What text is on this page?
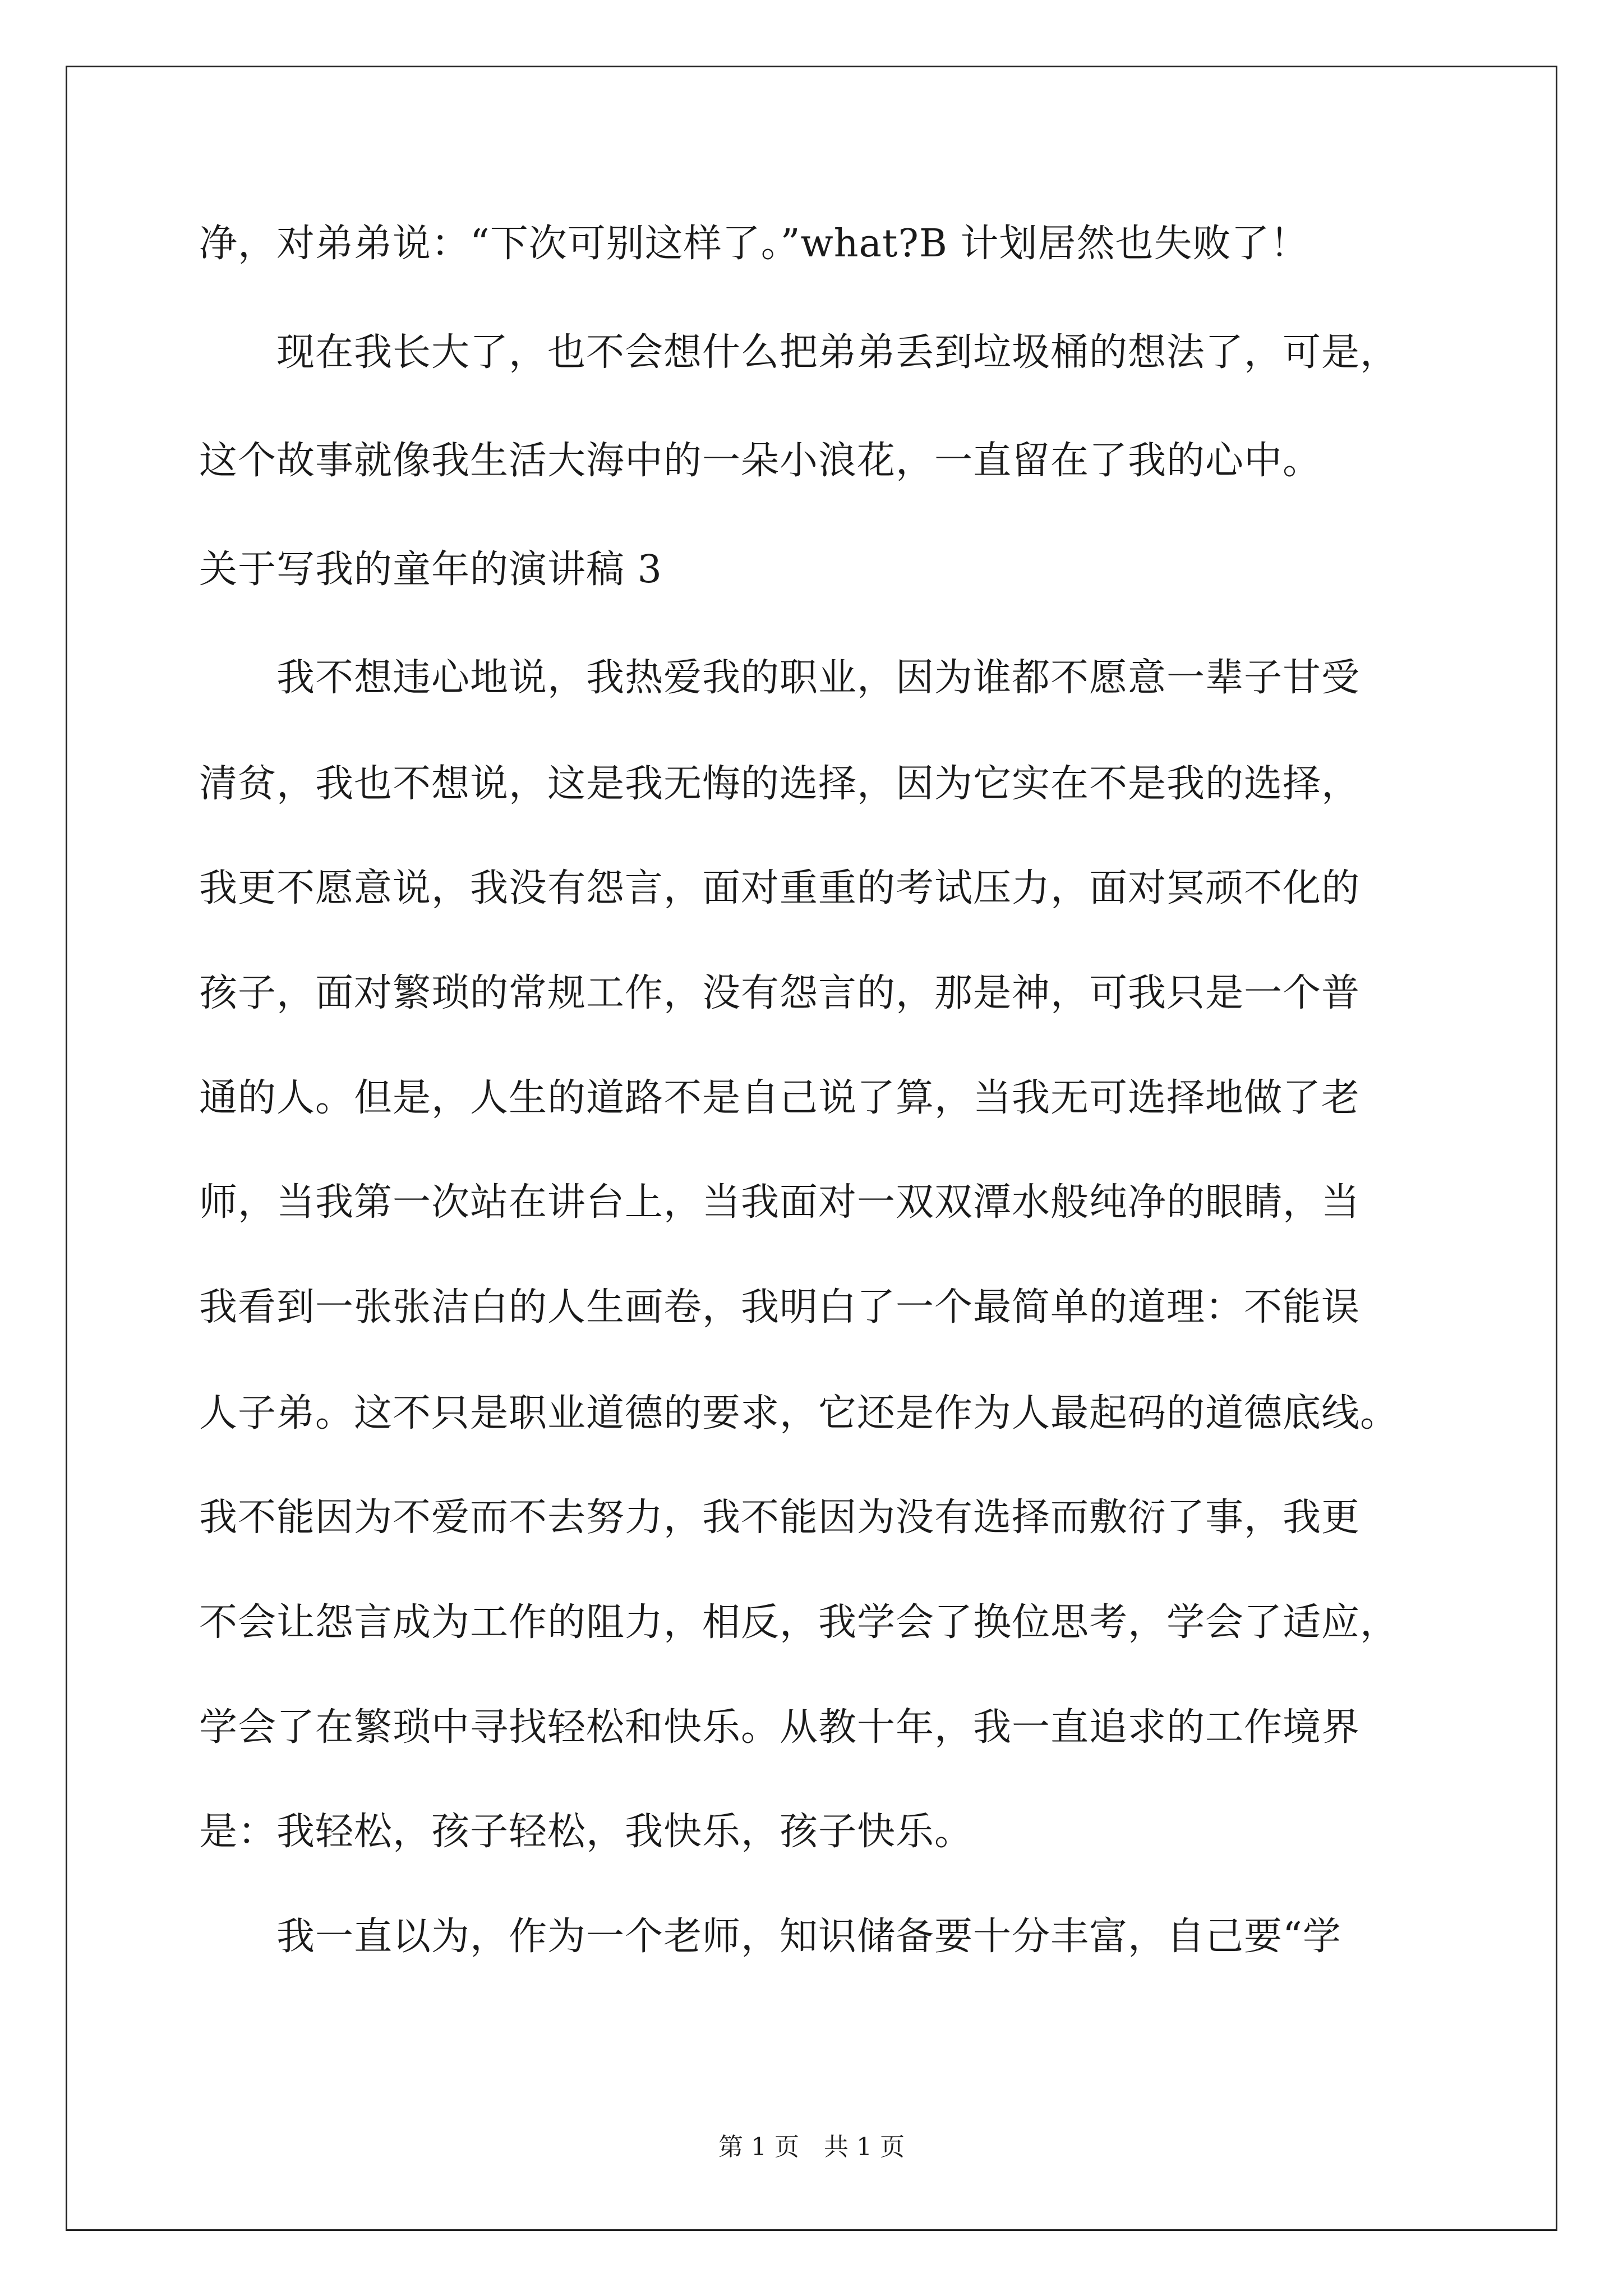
净，对弟弟说：“下次可别这样了。”what?B 计划居然也失败了！
　　现在我长大了，也不会想什么把弟弟丢到垃圾桶的想法了，可是，
这个故事就像我生活大海中的一朵小浪花，一直留在了我的心中。
关于写我的童年的演讲稿 3
　　我不想违心地说，我热爱我的职业，因为谁都不愿意一辈子甘受
清贫，我也不想说，这是我无悔的选择，因为它实在不是我的选择，
我更不愿意说，我没有怨言，面对重重的考试压力，面对冥顽不化的
孩子，面对繁琐的常规工作，没有怨言的，那是神，可我只是一个普
通的人。但是，人生的道路不是自己说了算，当我无可选择地做了老
师，当我第一次站在讲台上，当我面对一双双潭水般纯净的眼睛，当
我看到一张张洁白的人生画卷，我明白了一个最简单的道理：不能误
人子弟。这不只是职业道德的要求，它还是作为人最起码的道德底线。
我不能因为不爱而不去努力，我不能因为没有选择而敷衍了事，我更
不会让怨言成为工作的阻力，相反，我学会了换位思考，学会了适应，
学会了在繁琐中寻找轻松和快乐。从教十年，我一直追求的工作境界
是：我轻松，孩子轻松，我快乐，孩子快乐。
　　我一直以为，作为一个老师，知识储备要十分丰富，自己要“学
第 1 页　共 1 页
